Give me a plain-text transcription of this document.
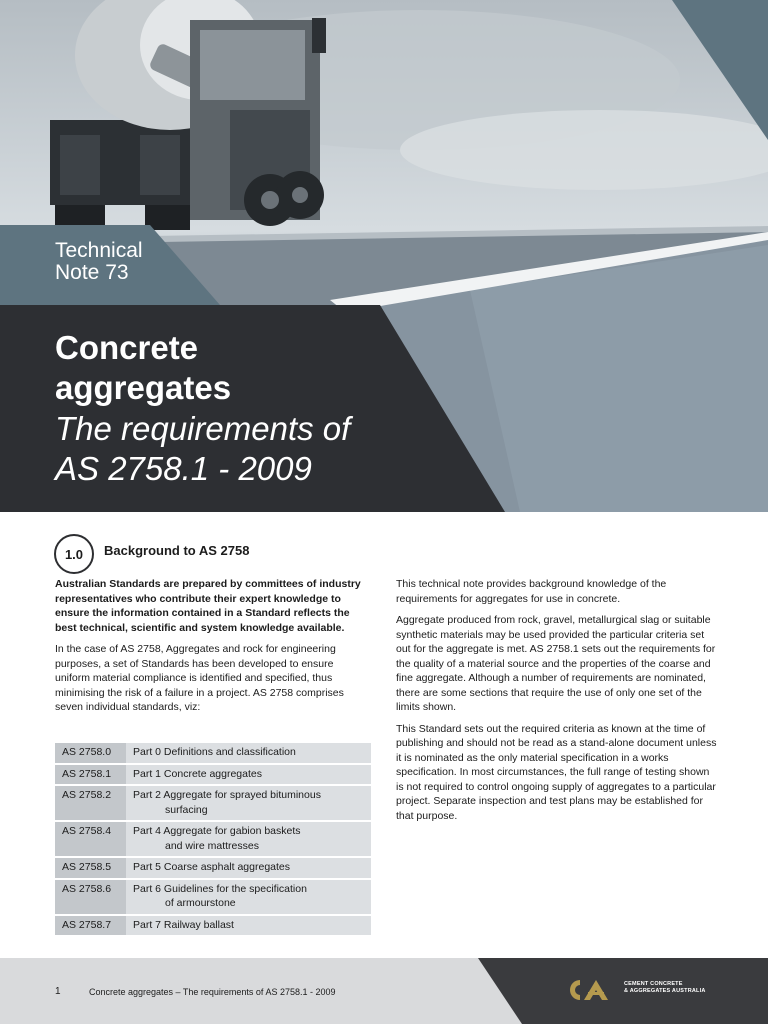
Technical
Note 73
Concrete
aggregates
The requirements of
AS 2758.1 - 2009
1.0 Background to AS 2758

Australian Standards are prepared by committees of industry representatives who contribute their expert knowledge to ensure the information contained in a Standard reflects the best technical, scientific and system knowledge available.

In the case of AS 2758, Aggregates and rock for engineering purposes, a set of Standards has been developed to ensure uniform material compliance is identified and specified, thus minimising the risk of a failure in a project. AS 2758 comprises seven individual standards, viz:

AS 2758.0	Part 0 Definitions and classification
AS 2758.1	Part 1 Concrete aggregates
AS 2758.2	Part 2 Aggregate for sprayed bituminous
surfacing

AS 2758.4	Part 4 Aggregate for gabion baskets
and wire mattresses

AS 2758.5	Part 5 Coarse asphalt aggregates
AS 2758.6	Part 6 Guidelines for the specification
of armourstone

AS 2758.7	Part 7 Railway ballast

This technical note provides background knowledge of the requirements for aggregates for use in concrete.

Aggregate produced from rock, gravel, metallurgical slag or suitable synthetic materials may be used provided the particular criteria set out for the aggregate is met. AS 2758.1 sets out the requirements for the quality of a material source and the properties of the coarse and fine aggregate. Although a number of requirements are nominated, there are some sections that require the use of only one set of the limits shown.

This Standard sets out the required criteria as known at the time of publishing and should not be read as a stand-alone document unless it is nominated as the only material specification in a works specification. In most circumstances, the full range of testing shown is not required to control ongoing supply of aggregates to a particular project. Separate inspection and test plans may be established for that purpose.

1	Concrete aggregates – The requirements of AS 2758.1 - 2009
CEMENT CONCRETE
& AGGREGATES AUSTRALIA
